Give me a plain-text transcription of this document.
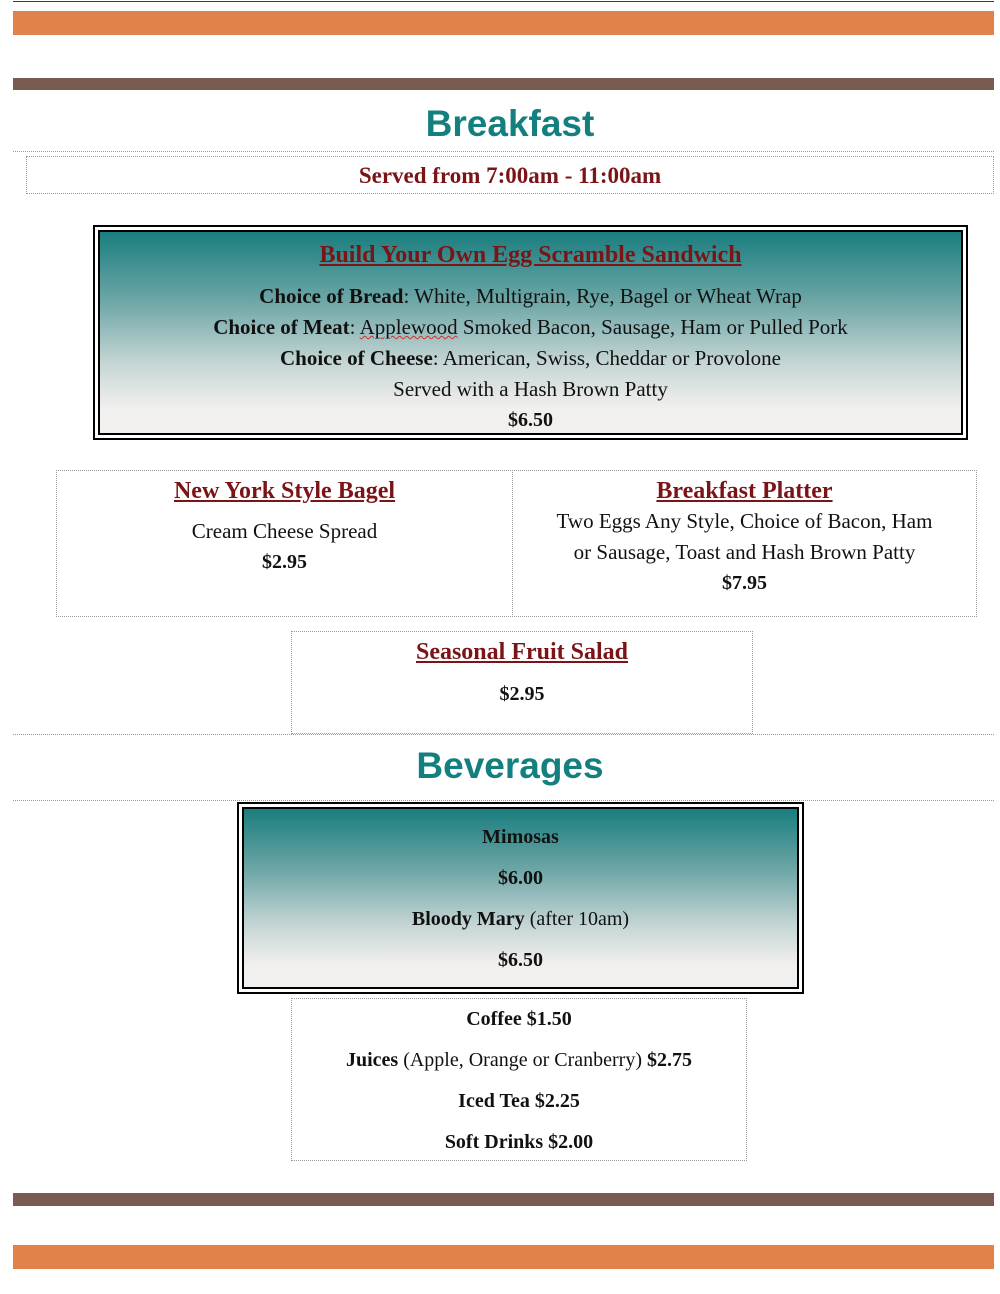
Breakfast
Served from 7:00am - 11:00am
Build Your Own Egg Scramble Sandwich
Choice of Bread: White, Multigrain, Rye, Bagel or Wheat Wrap
Choice of Meat: Applewood Smoked Bacon, Sausage, Ham or Pulled Pork
Choice of Cheese: American, Swiss, Cheddar or Provolone
Served with a Hash Brown Patty
$6.50
New York Style Bagel
Cream Cheese Spread
$2.95
Breakfast Platter
Two Eggs Any Style, Choice of Bacon, Ham
or Sausage, Toast and Hash Brown Patty
$7.95
Seasonal Fruit Salad
$2.95
Beverages
Mimosas
$6.00
Bloody Mary (after 10am)
$6.50
Coffee $1.50
Juices (Apple, Orange or Cranberry) $2.75
Iced Tea $2.25
Soft Drinks $2.00
